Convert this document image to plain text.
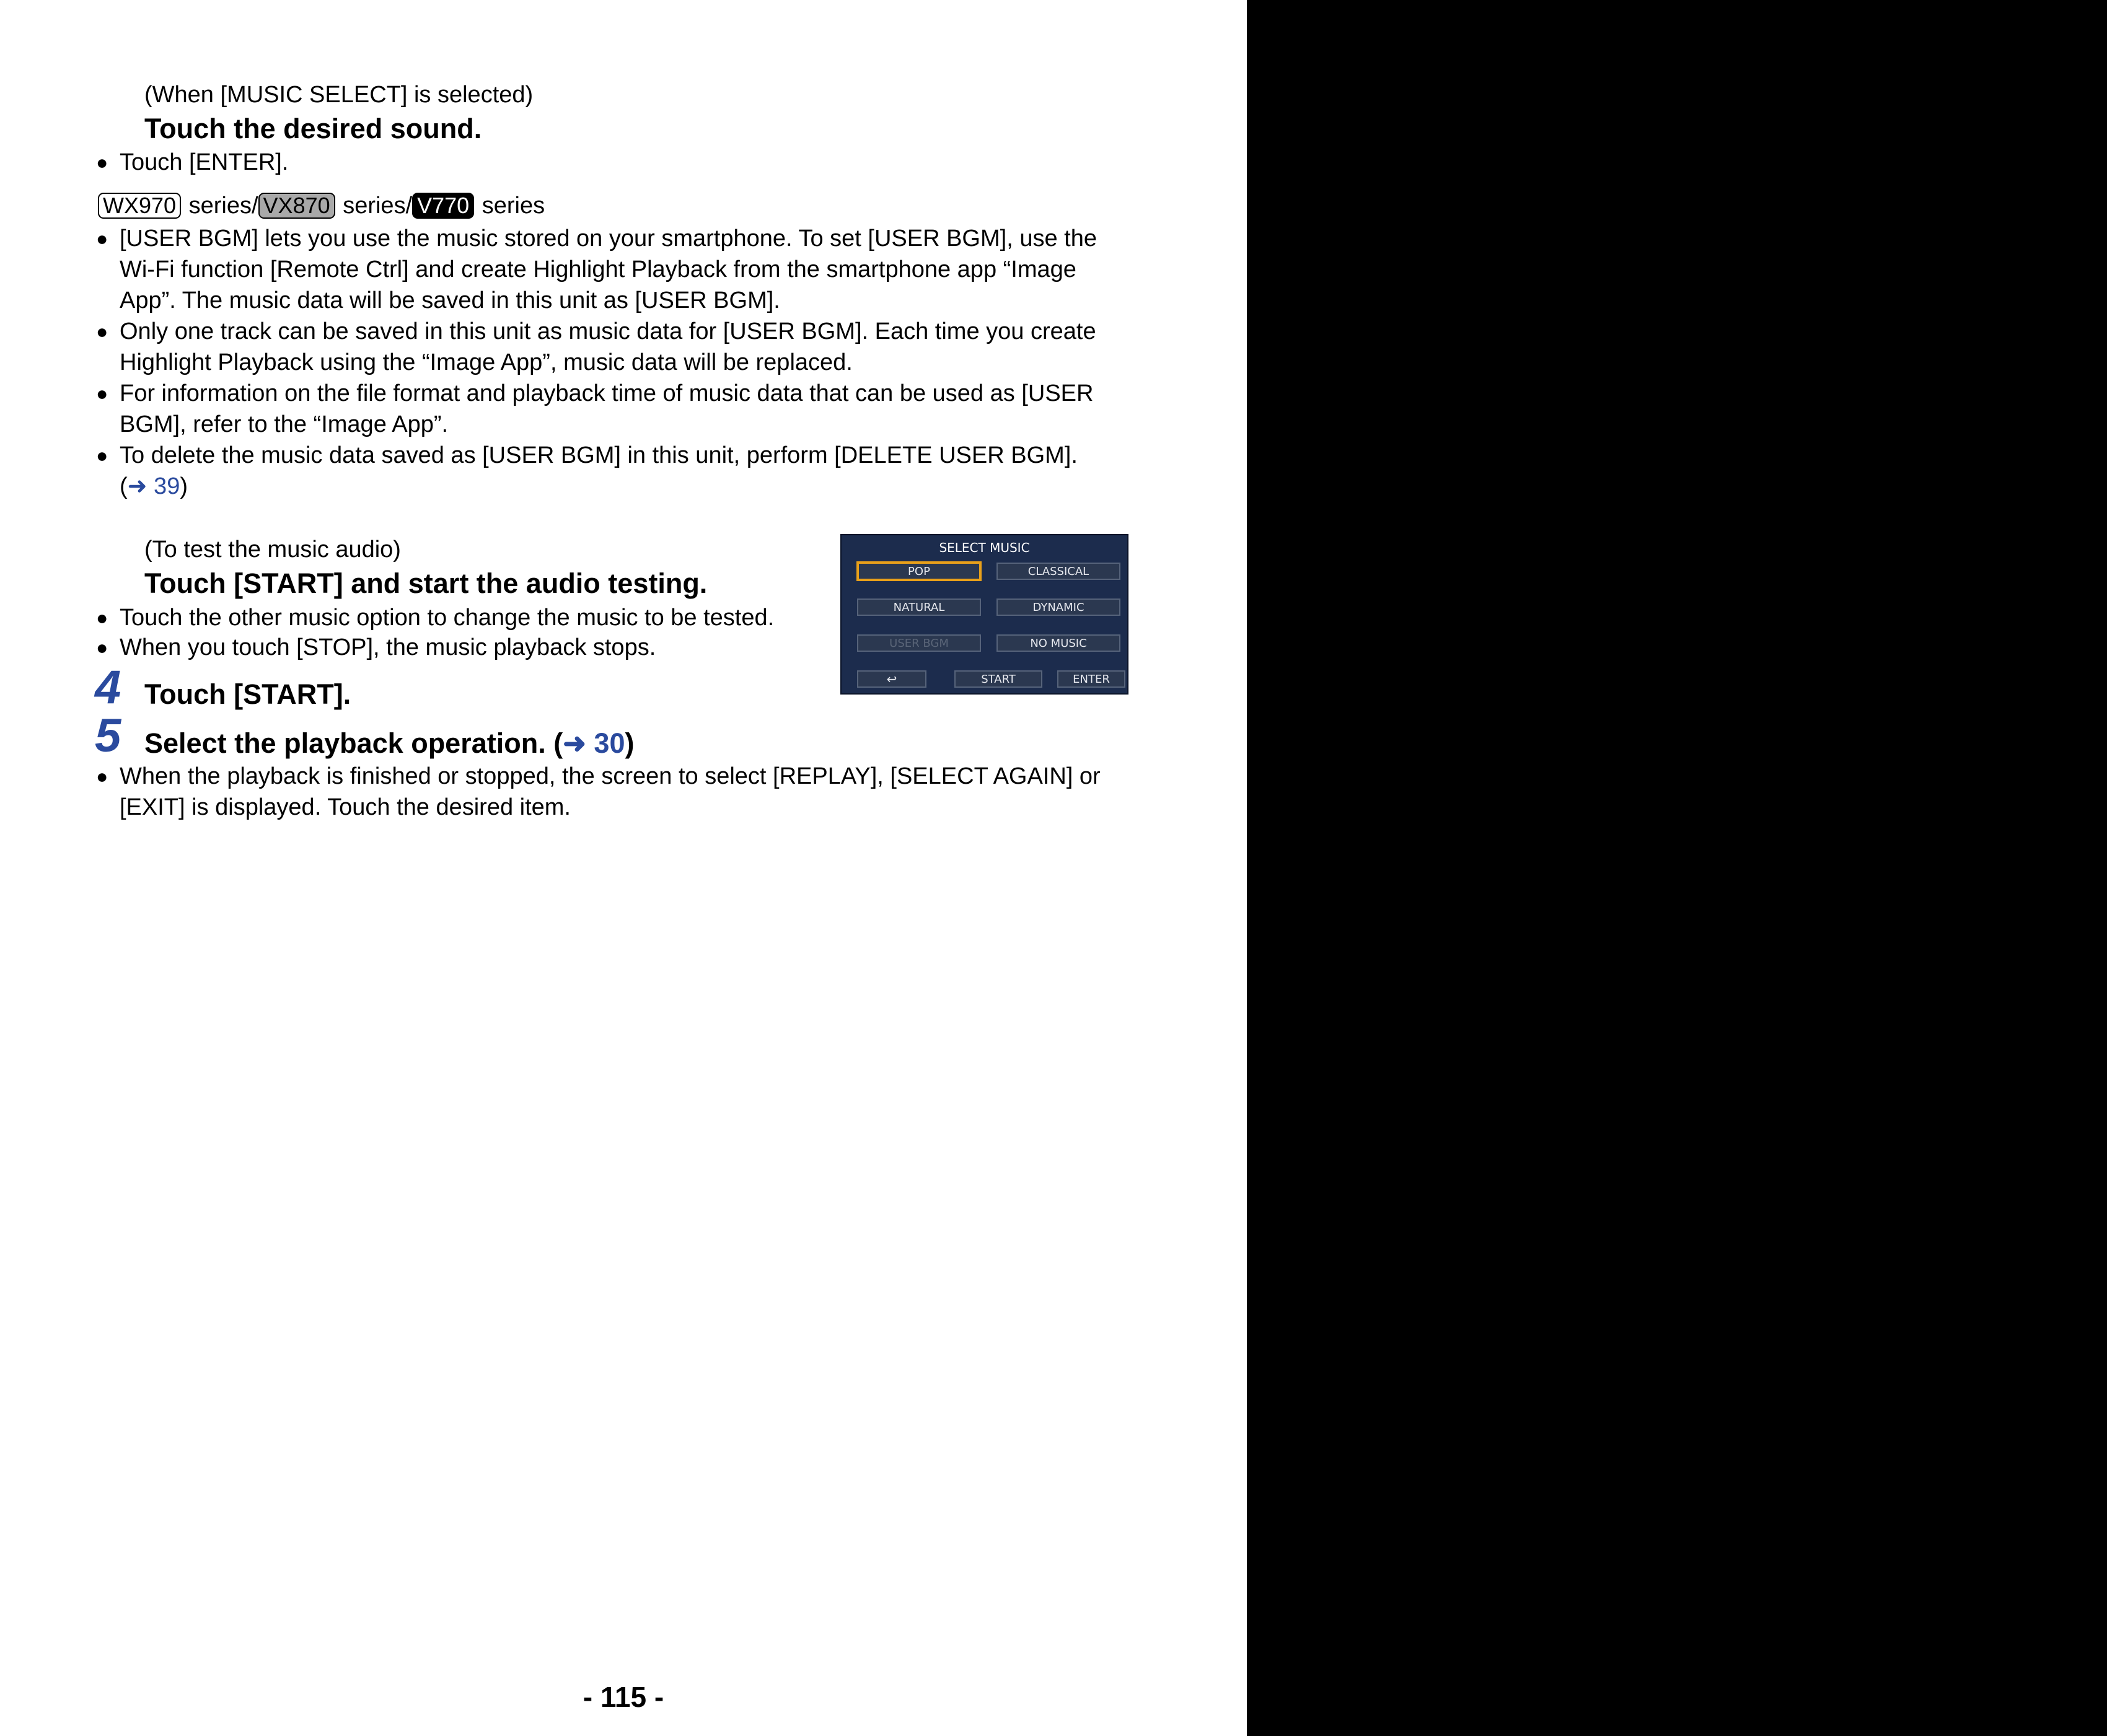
(When [MUSIC SELECT] is selected)
Touch the desired sound.
● Touch [ENTER].
WX970 series/ VX870 series/ V770 series
● [USER BGM] lets you use the music stored on your smartphone. To set [USER BGM], use the Wi-Fi function [Remote Ctrl] and create Highlight Playback from the smartphone app “Image App”. The music data will be saved in this unit as [USER BGM].
● Only one track can be saved in this unit as music data for [USER BGM]. Each time you create Highlight Playback using the “Image App”, music data will be replaced.
● For information on the file format and playback time of music data that can be used as [USER BGM], refer to the “Image App”.
● To delete the music data saved as [USER BGM] in this unit, perform [DELETE USER BGM].
(➜ 39)
(To test the music audio)
Touch [START] and start the audio testing.
● Touch the other music option to change the music to be tested.
● When you touch [STOP], the music playback stops.
4 Touch [START].
5 Select the playback operation. (➜ 30)
● When the playback is finished or stopped, the screen to select [REPLAY], [SELECT AGAIN] or [EXIT] is displayed. Touch the desired item.
SELECT MUSIC
POP	CLASSICAL
NATURAL	DYNAMIC
USER BGM	NO MUSIC
↩	START	ENTER
- 115 -
